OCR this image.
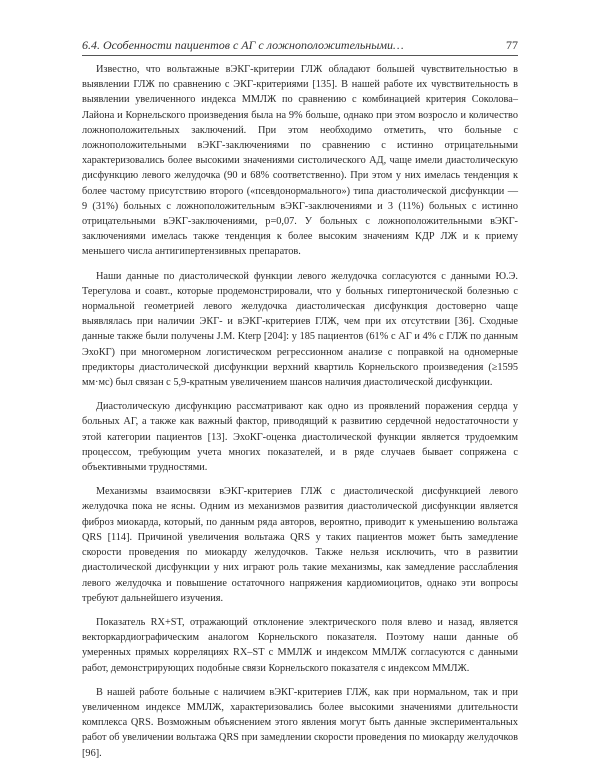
6.4. Особенности пациентов с АГ с ложноположительными…	77

Известно, что вольтажные вЭКГ-критерии ГЛЖ обладают большей чувствительностью в выявлении ГЛЖ по сравнению с ЭКГ-критериями [135]. В нашей работе их чувствительность в выявлении увеличенного индекса ММЛЖ по сравнению с комбинацией критерия Соколова–Лайона и Корнельского произведения была на 9% больше, однако при этом возросло и количество ложноположительных заключений. При этом необходимо отметить, что больные с ложноположительными вЭКГ-заключениями по сравнению с истинно отрицательными характеризовались более высокими значениями систолического АД, чаще имели диастолическую дисфункцию левого желудочка (90 и 68% соответственно). При этом у них имелась тенденция к более частому присутствию второго («псевдонормального») типа диастолической дисфункции — 9 (31%) больных с ложноположительным вЭКГ-заключениями и 3 (11%) больных с истинно отрицательными вЭКГ-заключениями, p=0,07. У больных с ложноположительными вЭКГ-заключениями имелась также тенденция к более высоким значениям КДР ЛЖ и к приему меньшего числа антигипертензивных препаратов.

Наши данные по диастолической функции левого желудочка согласуются с данными Ю.Э. Терегулова и соавт., которые продемонстрировали, что у больных гипертонической болезнью с нормальной геометрией левого желудочка диастолическая дисфункция достоверно чаще выявлялась при наличии ЭКГ- и вЭКГ-критериев ГЛЖ, чем при их отсутствии [36]. Сходные данные также были получены J.M. Kterp [204]: у 185 пациентов (61% с АГ и 4% с ГЛЖ по данным ЭхоКГ) при многомерном логистическом регрессионном анализе с поправкой на одномерные предикторы диастолической дисфункции верхний квартиль Корнельского произведения (≥1595 мм·мс) был связан с 5,9-кратным увеличением шансов наличия диастолической дисфункции.

Диастолическую дисфункцию рассматривают как одно из проявлений поражения сердца у больных АГ, а также как важный фактор, приводящий к развитию сердечной недостаточности у этой категории пациентов [13]. ЭхоКГ-оценка диастолической функции является трудоемким процессом, требующим учета многих показателей, и в ряде случаев бывает сопряжена с объективными трудностями.

Механизмы взаимосвязи вЭКГ-критериев ГЛЖ с диастолической дисфункцией левого желудочка пока не ясны. Одним из механизмов развития диастолической дисфункции является фиброз миокарда, который, по данным ряда авторов, вероятно, приводит к уменьшению вольтажа QRS [114]. Причиной увеличения вольтажа QRS у таких пациентов может быть замедление скорости проведения по миокарду желудочков. Также нельзя исключить, что в развитии диастолической дисфункции у них играют роль такие механизмы, как замедление расслабления левого желудочка и повышение остаточного напряжения кардиомиоцитов, однако эти вопросы требуют дальнейшего изучения.

Показатель RX+ST, отражающий отклонение электрического поля влево и назад, является векторкардиографическим аналогом Корнельского показателя. Поэтому наши данные об умеренных прямых корреляциях RX–ST с ММЛЖ и индексом ММЛЖ согласуются с данными работ, демонстрирующих подобные связи Корнельского показателя с индексом ММЛЖ.

В нашей работе больные с наличием вЭКГ-критериев ГЛЖ, как при нормальном, так и при увеличенном индексе ММЛЖ, характеризовались более высокими значениями длительности комплекса QRS. Возможным объяснением этого явления могут быть данные экспериментальных работ об увеличении вольтажа QRS при замедлении скорости проведения по миокарду желудочков [96].
